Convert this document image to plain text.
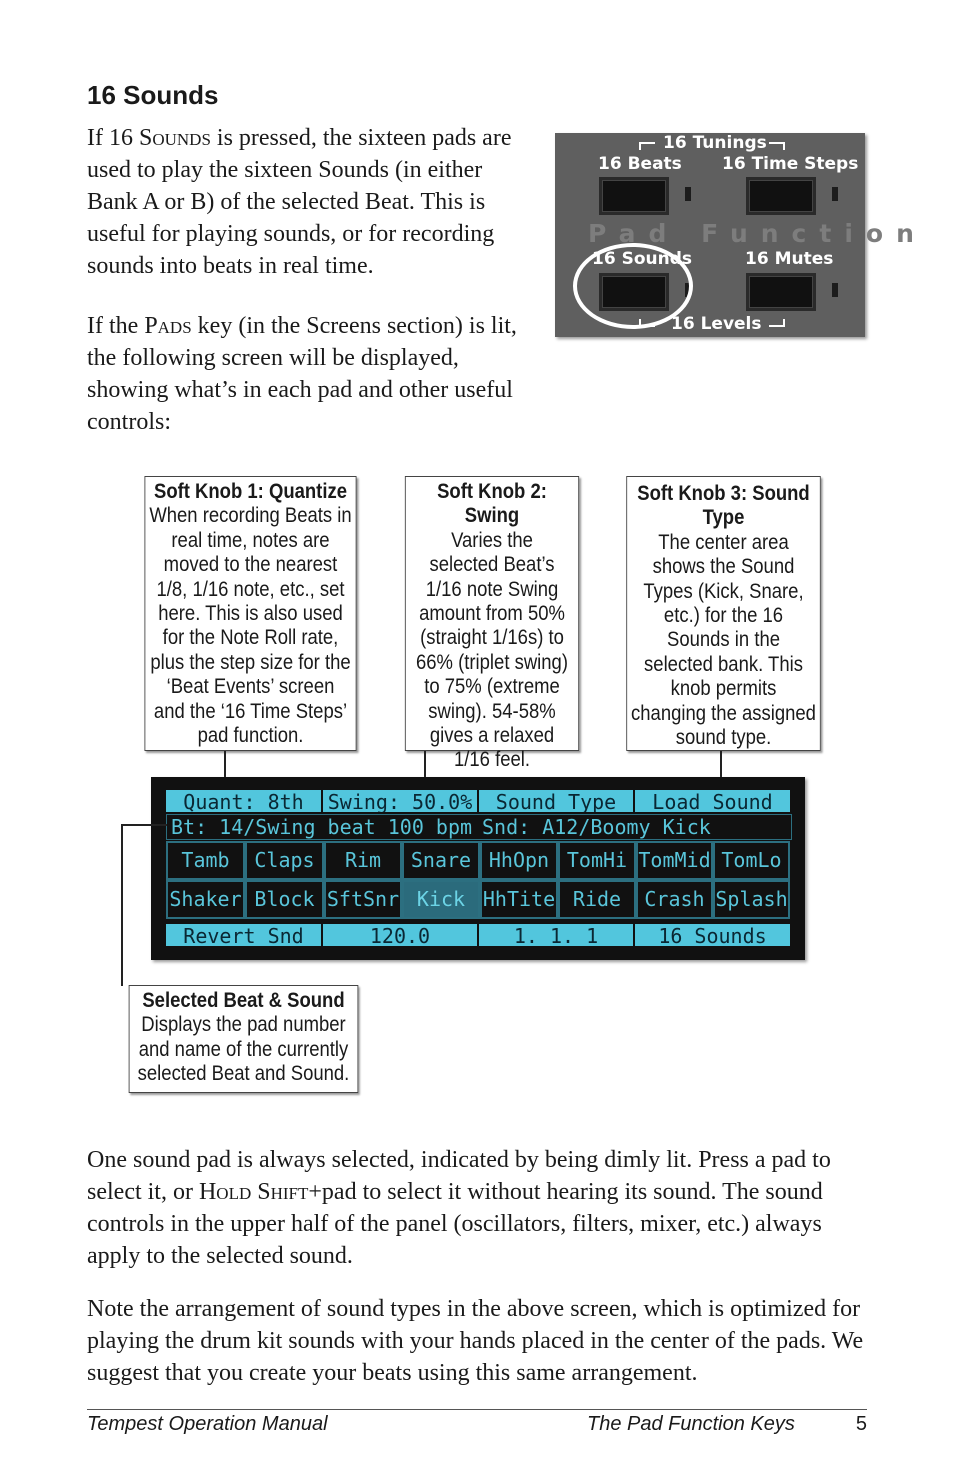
16 Sounds

If 16 Sounds is pressed, the sixteen pads are used to play the sixteen Sounds (in either Bank A or B) of the selected Beat. This is useful for playing sounds, or for recording sounds into beats in real time.

If the Pads key (in the Screens section) is lit, the following screen will be displayed, showing what’s in each pad and other useful controls:

16 Tunings
16 Beats 16 Time Steps
Pad Function
16 Sounds	16 Mutes
16 Levels
Soft Knob 1: Quantize
When recording Beats in real time, notes are moved to the nearest 1/8, 1/16 note, etc., set here. This is also used for the Note Roll rate, plus the step size for the ‘Beat Events’ screen and the ‘16 Time Steps’ pad function.
Soft Knob 2: Swing
Varies the selected Beat’s 1/16 note Swing amount from 50% (straight 1/16s) to 66% (triplet swing) to 75% (extreme swing). 54-58% gives a relaxed 1/16 feel.
Soft Knob 3: Sound Type
The center area shows the Sound Types (Kick, Snare, etc.) for the 16 Sounds in the selected bank. This knob permits changing the assigned sound type.
Quant: 8th	Swing: 50.0%	Sound Type	Load Sound
Bt: 14/Swing beat 100 bpm Snd: A12/Boomy Kick
Tamb	Claps	Rim	Snare HhOpn TomHi TomMid TomLo
Shaker Block SftSnr Kick HhTite Ride	Crash Splash
Revert Snd	120.0	1. 1. 1	16 Sounds
Selected Beat & Sound
Displays the pad number and name of the currently selected Beat and Sound.

One sound pad is always selected, indicated by being dimly lit. Press a pad to select it, or Hold Shift+pad to select it without hearing its sound. The sound controls in the upper half of the panel (oscillators, filters, mixer, etc.) always apply to the selected sound.

Note the arrangement of sound types in the above screen, which is optimized for playing the drum kit sounds with your hands placed in the center of the pads. We suggest that you create your beats using this same arrangement.

Tempest Operation Manual	The Pad Function Keys	5
